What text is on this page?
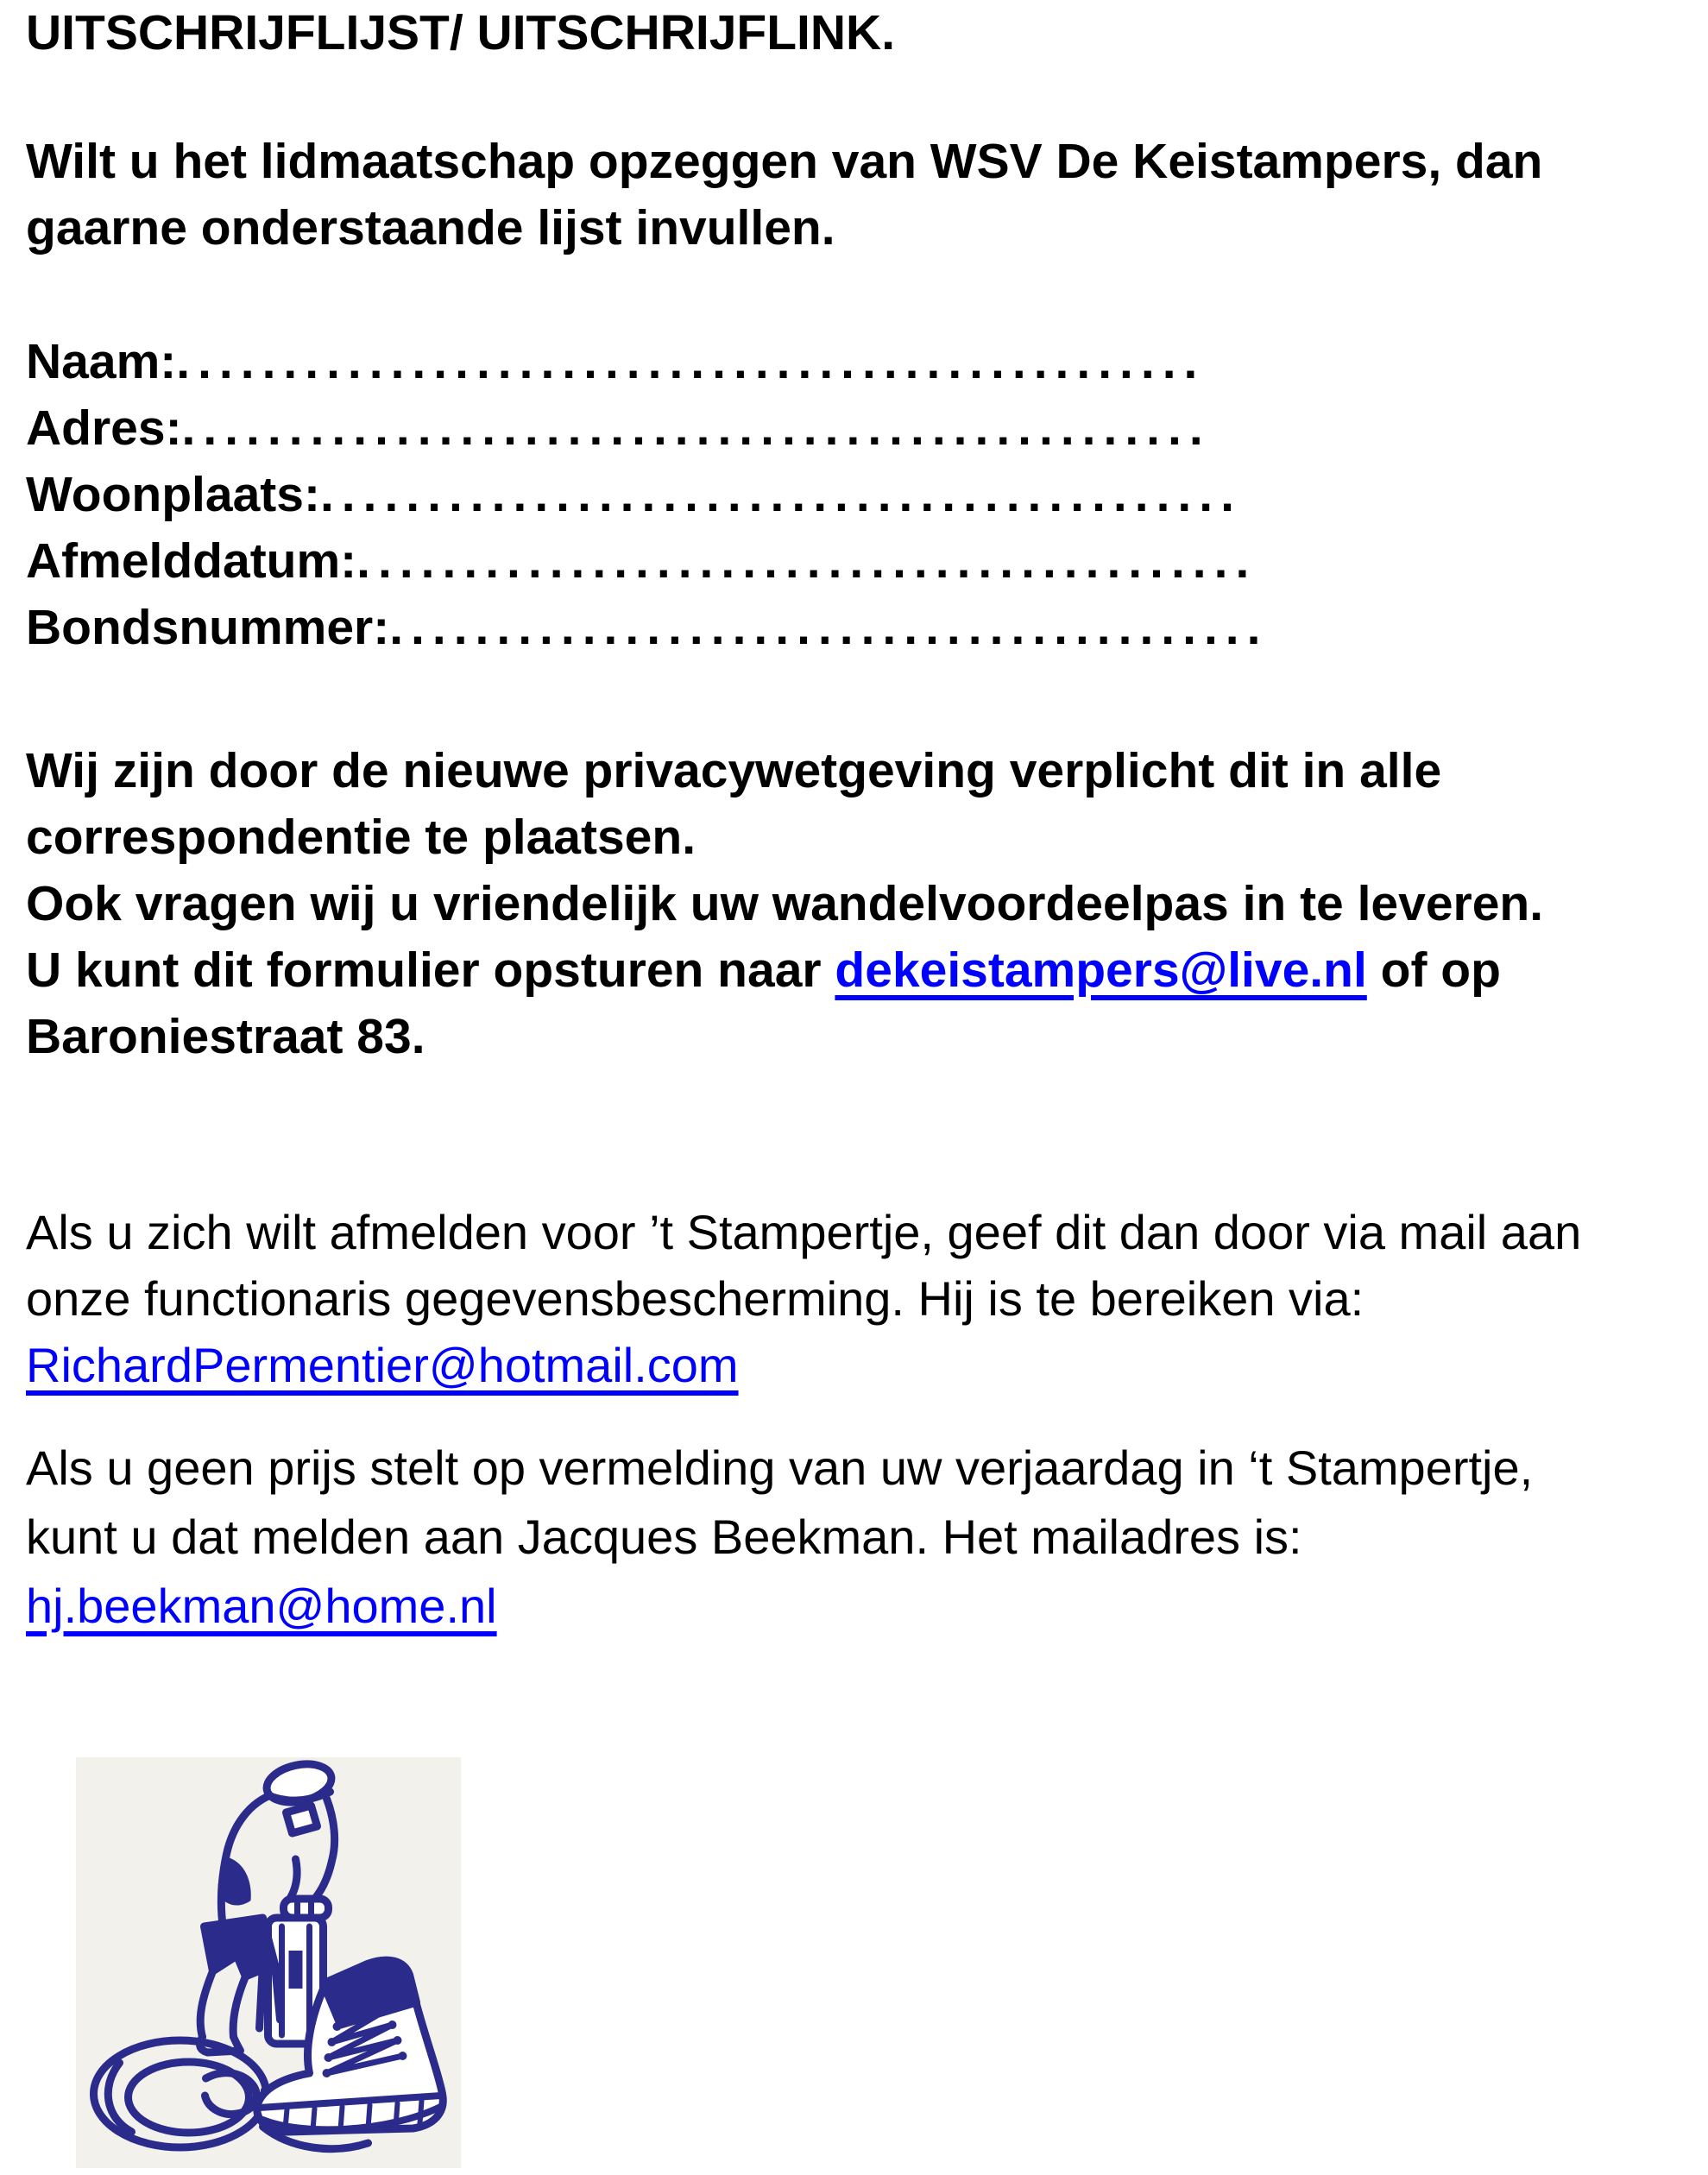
UITSCHRIJFLIJST/ UITSCHRIJFLINK.
Wilt u het lidmaatschap opzeggen van WSV De Keistampers, dan
gaarne onderstaande lijst invullen.
Naam:................................................
Adres:................................................
Woonplaats:...........................................
Afmelddatum:..........................................
Bondsnummer:.........................................
Wij zijn door de nieuwe privacywetgeving verplicht dit in alle
correspondentie te plaatsen.
Ook vragen wij u vriendelijk uw wandelvoordeelpas in te leveren.
U kunt dit formulier opsturen naar dekeistampers@live.nl of op
Baroniestraat 83.
Als u zich wilt afmelden voor ’t Stampertje, geef dit dan door via mail aan
onze functionaris gegevensbescherming. Hij is te bereiken via:
RichardPermentier@hotmail.com
Als u geen prijs stelt op vermelding van uw verjaardag in ‘t Stampertje,
kunt u dat melden aan Jacques Beekman. Het mailadres is:
hj.beekman@home.nl
